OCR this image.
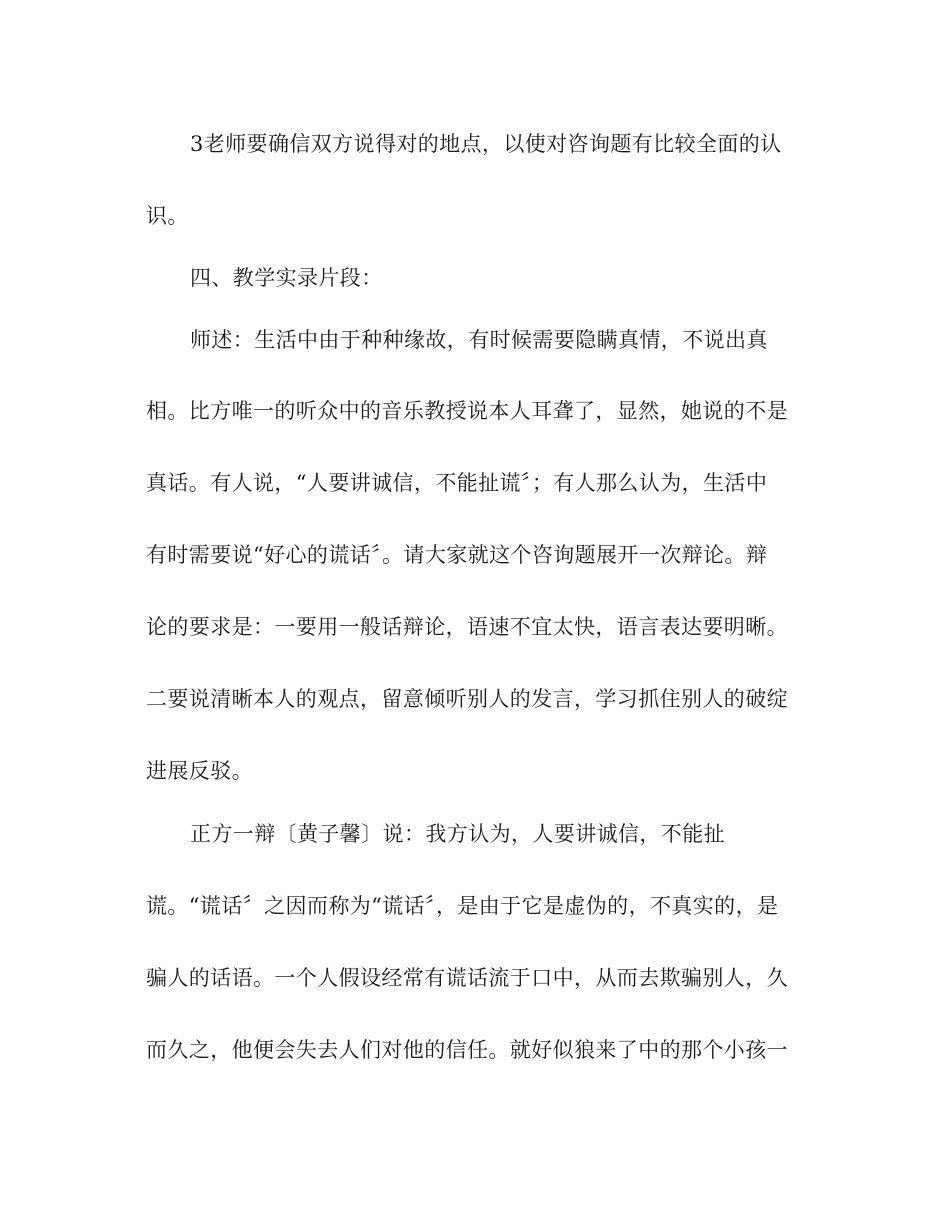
3老师要确信双方说得对的地点，以使对咨询题有比较全面的认
识。
四、教学实录片段：
师述：生活中由于种种缘故，有时候需要隐瞒真情，不说出真
相。比方唯一的听众中的音乐教授说本人耳聋了，显然，她说的不是
真话。有人说，“人要讲诚信，不能扯谎〞；有人那么认为，生活中
有时需要说“好心的谎话〞。请大家就这个咨询题展开一次辩论。辩
论的要求是：一要用一般话辩论，语速不宜太快，语言表达要明晰。
二要说清晰本人的观点，留意倾听别人的发言，学习抓住别人的破绽
进展反驳。
正方一辩〔黄子馨〕说：我方认为，人要讲诚信，不能扯
谎。“谎话〞之因而称为“谎话〞，是由于它是虚伪的，不真实的，是
骗人的话语。一个人假设经常有谎话流于口中，从而去欺骗别人，久
而久之，他便会失去人们对他的信任。就好似狼来了中的那个小孩一
